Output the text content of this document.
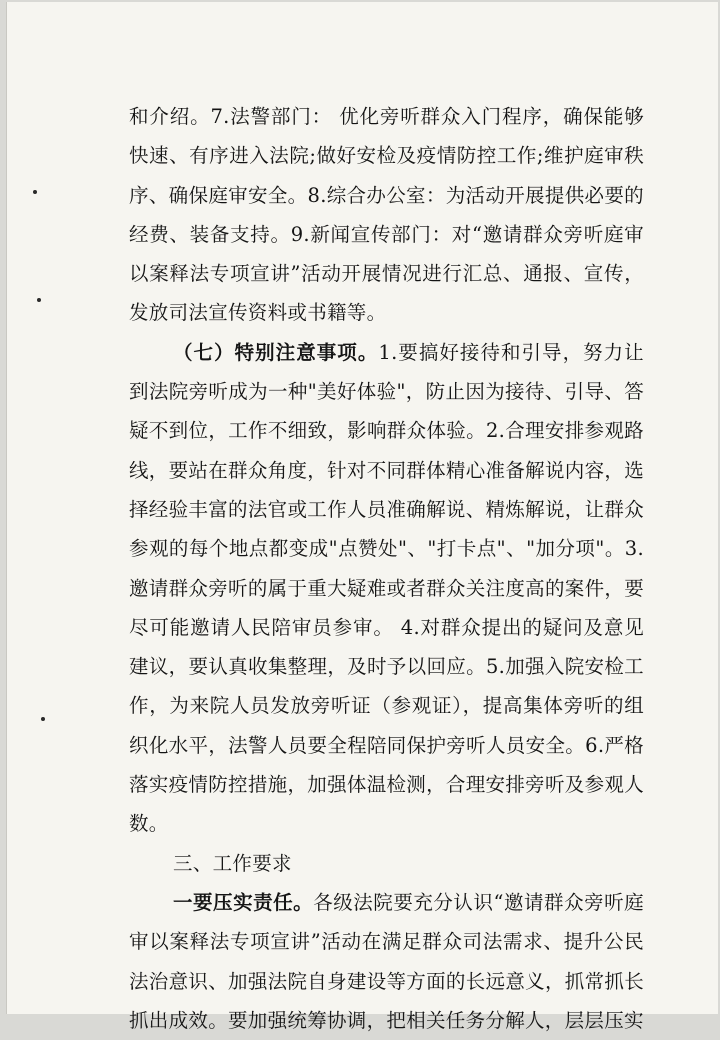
和介绍。7.法警部门： 优化旁听群众入门程序，确保能够快速、有序进入法院;做好安检及疫情防控工作;维护庭审秩序、确保庭审安全。8.综合办公室：为活动开展提供必要的经费、装备支持。9.新闻宣传部门：对“邀请群众旁听庭审以案释法专项宣讲”活动开展情况进行汇总、通报、宣传，发放司法宣传资料或书籍等。

（七）特别注意事项。1.要搞好接待和引导，努力让到法院旁听成为一种"美好体验"，防止因为接待、引导、答疑不到位，工作不细致，影响群众体验。2.合理安排参观路线，要站在群众角度，针对不同群体精心准备解说内容，选择经验丰富的法官或工作人员准确解说、精炼解说，让群众参观的每个地点都变成"点赞处"、"打卡点"、"加分项"。3.邀请群众旁听的属于重大疑难或者群众关注度高的案件，要尽可能邀请人民陪审员参审。 4.对群众提出的疑问及意见建议，要认真收集整理，及时予以回应。5.加强入院安检工作，为来院人员发放旁听证（参观证），提高集体旁听的组织化水平，法警人员要全程陪同保护旁听人员安全。6.严格落实疫情防控措施，加强体温检测，合理安排旁听及参观人数。

三、工作要求

一要压实责任。各级法院要充分认识“邀请群众旁听庭审以案释法专项宣讲”活动在满足群众司法需求、提升公民法治意识、加强法院自身建设等方面的长远意义，抓常抓长抓出成效。要加强统筹协调，把相关任务分解人，层层压实
